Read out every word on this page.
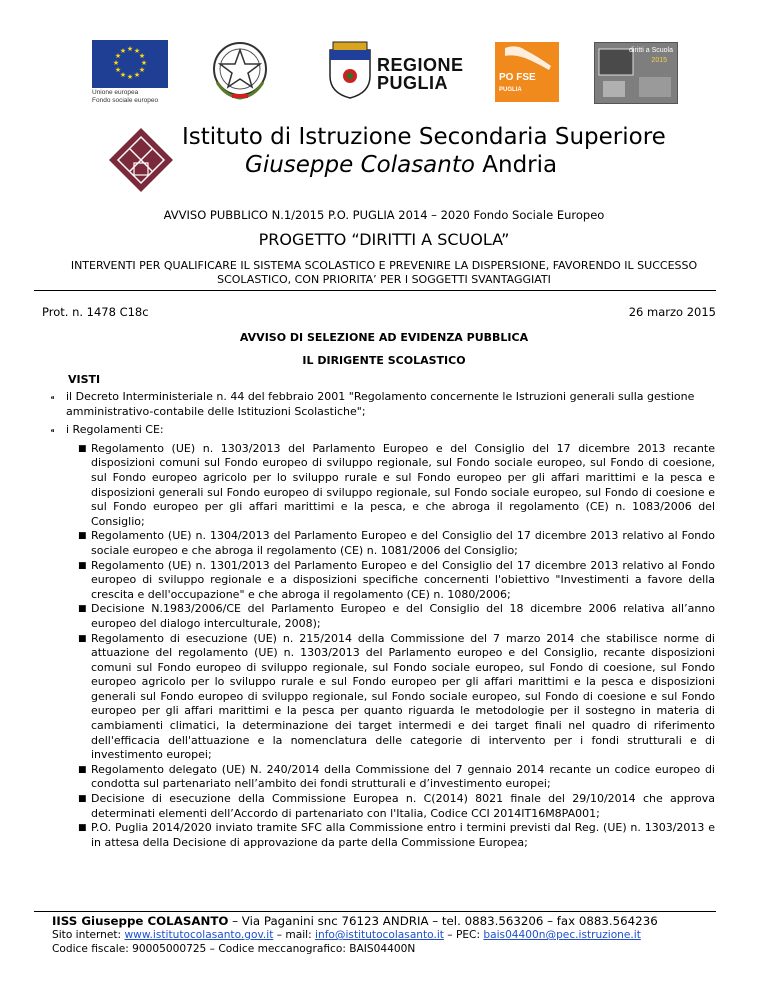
★ ★
★
★
★
★
★
★
★
★
★
★
Unione europea
Fondo sociale europeo
REGIONE
PUGLIA	PO FSE
PUGLIA
diritti a Scuola
2015
Istituto di Istruzione Secondaria Superiore
Giuseppe Colasanto Andria
AVVISO PUBBLICO N.1/2015 P.O. PUGLIA 2014 – 2020 Fondo Sociale Europeo
PROGETTO “DIRITTI A SCUOLA”
INTERVENTI PER QUALIFICARE IL SISTEMA SCOLASTICO E PREVENIRE LA DISPERSIONE, FAVORENDO IL SUCCESSO SCOLASTICO, CON PRIORITA’ PER I SOGGETTI SVANTAGGIATI
Prot. n. 1478 C18c	26 marzo 2015
AVVISO DI SELEZIONE AD EVIDENZA PUBBLICA
IL DIRIGENTE SCOLASTICO
VISTI
⁌ il Decreto Interministeriale n. 44 del febbraio 2001 "Regolamento concernente le Istruzioni generali sulla gestione amministrativo-contabile delle Istituzioni Scolastiche";
⁌ i Regolamenti CE:
■ Regolamento (UE) n. 1303/2013 del Parlamento Europeo e del Consiglio del 17 dicembre 2013 recante disposizioni comuni sul Fondo europeo di sviluppo regionale, sul Fondo sociale europeo, sul Fondo di coesione, sul Fondo europeo agricolo per lo sviluppo rurale e sul Fondo europeo per gli affari marittimi e la pesca e disposizioni generali sul Fondo europeo di sviluppo regionale, sul Fondo sociale europeo, sul Fondo di coesione e sul Fondo europeo per gli affari marittimi e la pesca, e che abroga il regolamento (CE) n. 1083/2006 del Consiglio;
■ Regolamento (UE) n. 1304/2013 del Parlamento Europeo e del Consiglio del 17 dicembre 2013 relativo al Fondo sociale europeo e che abroga il regolamento (CE) n. 1081/2006 del Consiglio;
■ Regolamento (UE) n. 1301/2013 del Parlamento Europeo e del Consiglio del 17 dicembre 2013 relativo al Fondo europeo di sviluppo regionale e a disposizioni specifiche concernenti l'obiettivo "Investimenti a favore della crescita e dell'occupazione" e che abroga il regolamento (CE) n. 1080/2006;
■ Decisione N.1983/2006/CE del Parlamento Europeo e del Consiglio del 18 dicembre 2006 relativa all’anno europeo del dialogo interculturale, 2008);
■ Regolamento di esecuzione (UE) n. 215/2014 della Commissione del 7 marzo 2014 che stabilisce norme di attuazione del regolamento (UE) n. 1303/2013 del Parlamento europeo e del Consiglio, recante disposizioni comuni sul Fondo europeo di sviluppo regionale, sul Fondo sociale europeo, sul Fondo di coesione, sul Fondo europeo agricolo per lo sviluppo rurale e sul Fondo europeo per gli affari marittimi e la pesca e disposizioni generali sul Fondo europeo di sviluppo regionale, sul Fondo sociale europeo, sul Fondo di coesione e sul Fondo europeo per gli affari marittimi e la pesca per quanto riguarda le metodologie per il sostegno in materia di cambiamenti climatici, la determinazione dei target intermedi e dei target finali nel quadro di riferimento dell'efficacia dell'attuazione e la nomenclatura delle categorie di intervento per i fondi strutturali e di investimento europei;
■ Regolamento delegato (UE) N. 240/2014 della Commissione del 7 gennaio 2014 recante un codice europeo di condotta sul partenariato nell’ambito dei fondi strutturali e d’investimento europei;
■ Decisione di esecuzione della Commissione Europea n. C(2014) 8021 finale del 29/10/2014 che approva determinati elementi dell’Accordo di partenariato con l'Italia, Codice CCI 2014IT16M8PA001;
■ P.O. Puglia 2014/2020 inviato tramite SFC alla Commissione entro i termini previsti dal Reg. (UE) n. 1303/2013 e in attesa della Decisione di approvazione da parte della Commissione Europea;
IISS Giuseppe COLASANTO – Via Paganini snc 76123 ANDRIA – tel. 0883.563206 – fax 0883.564236
Sito internet: www.istitutocolasanto.gov.it – mail: info@istitutocolasanto.it – PEC: bais04400n@pec.istruzione.it
Codice fiscale: 90005000725 – Codice meccanografico: BAIS04400N
